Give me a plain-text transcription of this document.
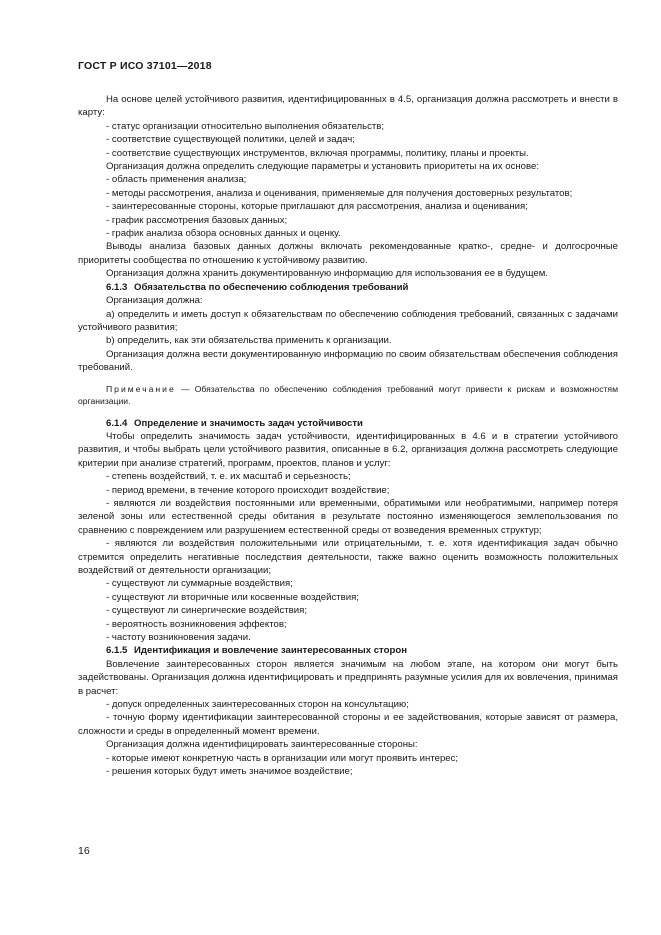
ГОСТ Р ИСО 37101—2018

На основе целей устойчивого развития, идентифицированных в 4.5, организация должна рассмотреть и внести в карту:

- статус организации относительно выполнения обязательств;

- соответствие существующей политики, целей и задач;

- соответствие существующих инструментов, включая программы, политику, планы и проекты.

Организация должна определить следующие параметры и установить приоритеты на их основе:

- область применения анализа;

- методы рассмотрения, анализа и оценивания, применяемые для получения достоверных результатов;

- заинтересованные стороны, которые приглашают для рассмотрения, анализа и оценивания;

- график рассмотрения базовых данных;

- график анализа обзора основных данных и оценку.

Выводы анализа базовых данных должны включать рекомендованные кратко-, средне- и долгосрочные приоритеты сообщества по отношению к устойчивому развитию.

Организация должна хранить документированную информацию для использования ее в будущем.

6.1.3 Обязательства по обеспечению соблюдения требований

Организация должна:

a) определить и иметь доступ к обязательствам по обеспечению соблюдения требований, связанных с задачами устойчивого развития;

b) определить, как эти обязательства применить к организации.

Организация должна вести документированную информацию по своим обязательствам обеспечения соблюдения требований.

Примечание — Обязательства по обеспечению соблюдения требований могут привести к рискам и возможностям организации.

6.1.4 Определение и значимость задач устойчивости

Чтобы определить значимость задач устойчивости, идентифицированных в 4.6 и в стратегии устойчивого развития, и чтобы выбрать цели устойчивого развития, описанные в 6.2, организация должна рассмотреть следующие критерии при анализе стратегий, программ, проектов, планов и услуг:

- степень воздействий, т. е. их масштаб и серьезность;

- период времени, в течение которого происходит воздействие;

- являются ли воздействия постоянными или временными, обратимыми или необратимыми, например потеря зеленой зоны или естественной среды обитания в результате постоянно изменяющегося землепользования по сравнению с повреждением или разрушением естественной среды от возведения временных структур;

- являются ли воздействия положительными или отрицательными, т. е. хотя идентификация задач обычно стремится определить негативные последствия деятельности, также важно оценить возможность положительных воздействий от деятельности организации;

- существуют ли суммарные воздействия;

- существуют ли вторичные или косвенные воздействия;

- существуют ли синергические воздействия;

- вероятность возникновения эффектов;

- частоту возникновения задачи.

6.1.5 Идентификация и вовлечение заинтересованных сторон

Вовлечение заинтересованных сторон является значимым на любом этапе, на котором они могут быть задействованы. Организация должна идентифицировать и предпринять разумные усилия для их вовлечения, принимая в расчет:

- допуск определенных заинтересованных сторон на консультацию;

- точную форму идентификации заинтересованной стороны и ее задействования, которые зависят от размера, сложности и среды в определенный момент времени.

Организация должна идентифицировать заинтересованные стороны:

- которые имеют конкретную часть в организации или могут проявить интерес;

- решения которых будут иметь значимое воздействие;

16
